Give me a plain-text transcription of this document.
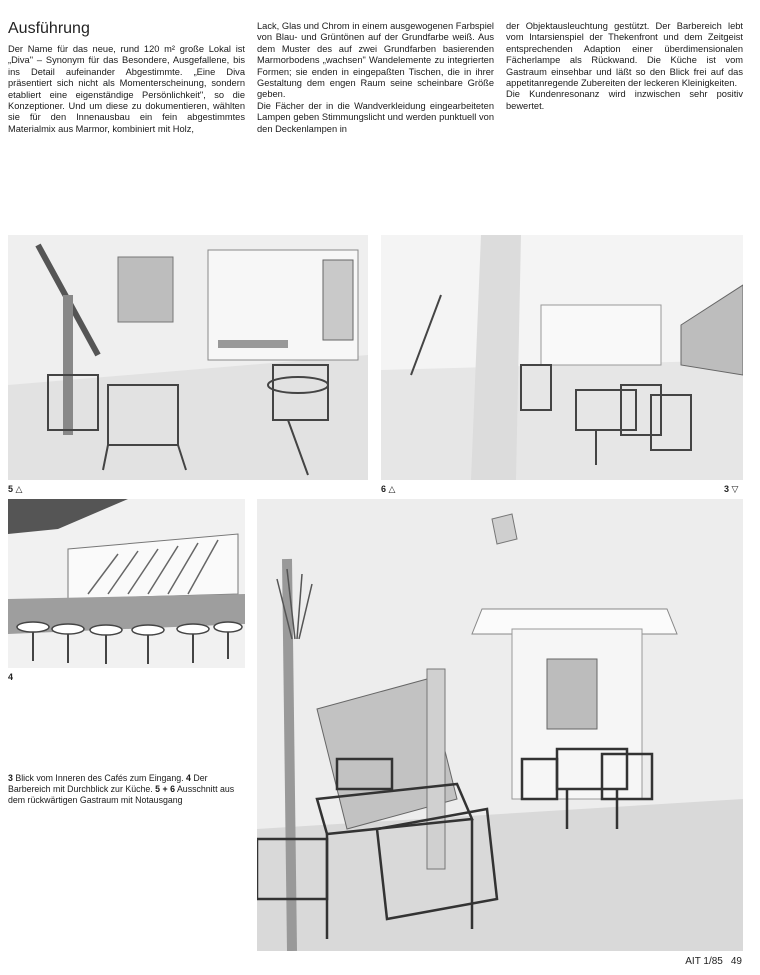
Ausführung

Der Name für das neue, rund 120 m² große Lokal ist „Diva" – Synonym für das Besondere, Ausgefallene, bis ins Detail aufeinander Abgestimmte. „Eine Diva präsentiert sich nicht als Momenterscheinung, sondern etabliert eine eigenständige Persönlichkeit", so die Konzeptioner. Und um diese zu dokumentieren, wählten sie für den Innenausbau ein fein abgestimmtes Materialmix aus Marmor, kombiniert mit Holz,

Lack, Glas und Chrom in einem ausgewogenen Farbspiel von Blau- und Grüntönen auf der Grundfarbe weiß. Aus dem Muster des auf zwei Grundfarben basierenden Marmorbodens „wachsen" Wandelemente zu integrierten Formen; sie enden in eingepaßten Tischen, die in ihrer Gestaltung dem engen Raum seine scheinbare Größe geben.

Die Fächer der in die Wandverkleidung eingearbeiteten Lampen geben Stimmungslicht und werden punktuell von den Deckenlampen in

der Objektausleuchtung gestützt. Der Barbereich lebt vom Intarsienspiel der Thekenfront und dem Zeitgeist entsprechenden Adaption einer überdimensionalen Fächerlampe als Rückwand. Die Küche ist vom Gastraum einsehbar und läßt so den Blick frei auf das appetitanregende Zubereiten der leckeren Kleinigkeiten.

Die Kundenresonanz wird inzwischen sehr positiv bewertet.

5 △	6 △	3 ▽
4

3 Blick vom Inneren des Cafés zum Eingang. 4 Der Barbereich mit Durchblick zur Küche. 5 + 6 Ausschnitt aus dem rückwärtigen Gastraum mit Notausgang

AIT 1/85 49
